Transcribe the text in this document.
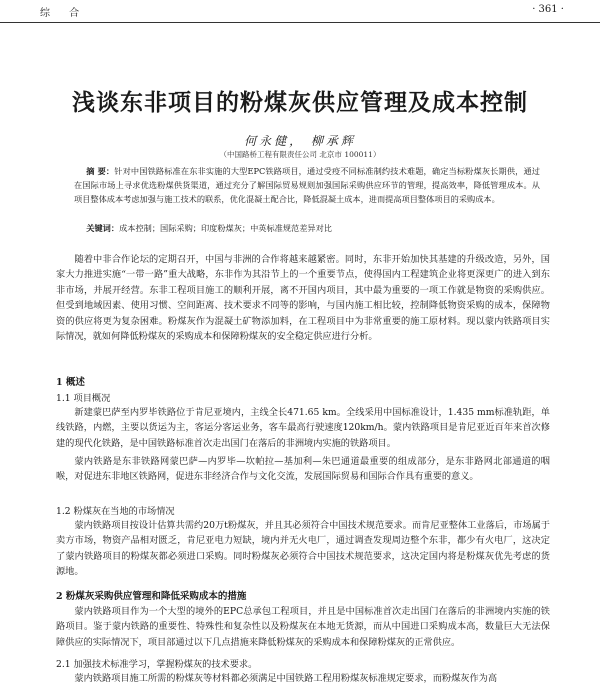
综 合	· 361 ·
浅谈东非项目的粉煤灰供应管理及成本控制
何永健， 柳承辉
（中国路桥工程有限责任公司 北京市 100011）
摘 要：针对中国铁路标准在东非实施的大型EPC铁路项目，通过受疫不同标准制约技术难题，确定当标粉煤灰长期供，通过在国际市场上寻求优选粉煤供货渠道，通过充分了解国际贸易规则加强国际采购供应环节的管理，提高效率，降低管理成本。从项目整体成本考虑加强与施工技术的联系，优化混凝土配合比，降低混凝土成本，进而提高项目整体项目的采购成本。
关键词：成本控制；国际采购；印度粉煤灰；中英标准规范差异对比
随着中非合作论坛的定期召开，中国与非洲的合作将越来越紧密。同时，东非开始加快其基建的升级改造，另外，国家大力推进实施“一带一路”重大战略，东非作为其沿节上的一个重要节点，使得国内工程建筑企业将更深更广的进入到东非市场，并展开经营。东非工程项目施工的顺利开展，离不开国内项目，其中最为重要的一项工作就是物资的采购供应。但受到地域因素、使用习惯、空间距离、技术要求不同等的影响，与国内施工相比较，控制降低物资采购的成本，保障物资的供应将更为复杂困难。粉煤灰作为混凝土矿物添加料，在工程项目中为非常重要的施工原材料。现以蒙内铁路项目实际情况，就如何降低粉煤灰的采购成本和保障粉煤灰的安全稳定供应进行分析。
1 概述
1.1 项目概况
新建蒙巴萨至内罗毕铁路位于肯尼亚境内，主线全长471.65 km。全线采用中国标准设计，1.435 mm标准轨距，单线铁路，内燃，主要以货运为主，客运分客运业务，客车最高行驶速度120km/h。蒙内铁路项目是肯尼亚近百年来首次修建的现代化铁路，是中国铁路标准首次走出国门在落后的非洲境内实施的铁路项目。
蒙内铁路是东非铁路网蒙巴萨—内罗毕—坎帕拉—基加利—朱巴通道最重要的组成部分，是东非路网北部通道的咽喉，对促进东非地区铁路网，促进东非经济合作与文化交流，发展国际贸易和国际合作具有重要的意义。
1.2 粉煤灰在当地的市场情况
蒙内铁路项目按设计估算共需约20万t粉煤灰，并且其必须符合中国技术规范要求。而肯尼亚整体工业落后，市场属于卖方市场，物资产品相对匮乏，肯尼亚电力短缺，境内并无火电厂，通过调查发现周边整个东非，都少有火电厂，这决定了蒙内铁路项目的粉煤灰都必须进口采购。同时粉煤灰必须符合中国技术规范要求，这决定国内将是粉煤灰优先考虑的货源地。
2 粉煤灰采购供应管理和降低采购成本的措施
蒙内铁路项目作为一个大型的境外的EPC总承包工程项目，并且是中国标准首次走出国门在落后的非洲境内实施的铁路项目。鉴于蒙内铁路的重要性、特殊性和复杂性以及粉煤灰在本地无货源，而从中国进口采购成本高，数量巨大无法保障供应的实际情况下，项目部通过以下几点措施来降低粉煤灰的采购成本和保障粉煤灰的正常供应。
2.1 加强技术标准学习，掌握粉煤灰的技术要求。
蒙内铁路项目施工所需的粉煤灰等材料都必须满足中国铁路工程用粉煤灰标准规定要求，而粉煤灰作为高
